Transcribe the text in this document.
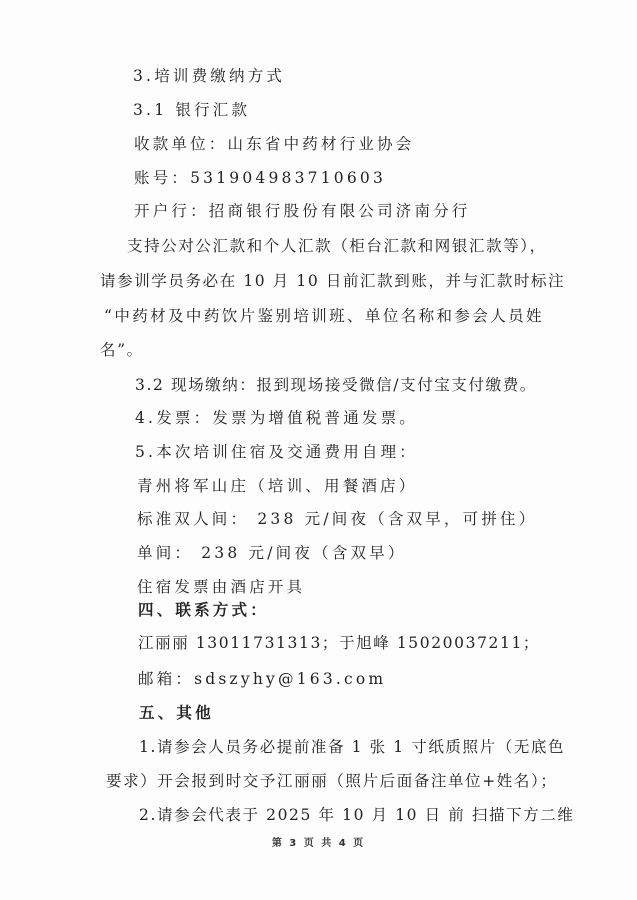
3.培训费缴纳方式
3.1 银行汇款
收款单位：山东省中药材行业协会
账号：531904983710603
开户行：招商银行股份有限公司济南分行
支持公对公汇款和个人汇款（柜台汇款和网银汇款等），
请参训学员务必在 10 月 10 日前汇款到账，并与汇款时标注
“中药材及中药饮片鉴别培训班、单位名称和参会人员姓
名”。
3.2 现场缴纳：报到现场接受微信/支付宝支付缴费。
4.发票：发票为增值税普通发票。
5.本次培训住宿及交通费用自理：
青州将军山庄（培训、用餐酒店）
标准双人间： 238 元/间夜（含双早，可拼住）
单间： 238 元/间夜（含双早）
住宿发票由酒店开具
四、联系方式：
江丽丽 13011731313；于旭峰 15020037211；
邮箱：sdszyhy@163.com
五、其他
1.请参会人员务必提前准备 1 张 1 寸纸质照片（无底色
要求）开会报到时交予江丽丽（照片后面备注单位+姓名）；
2.请参会代表于 2025 年 10 月 10 日 前 扫描下方二维
第 3 页 共 4 页
